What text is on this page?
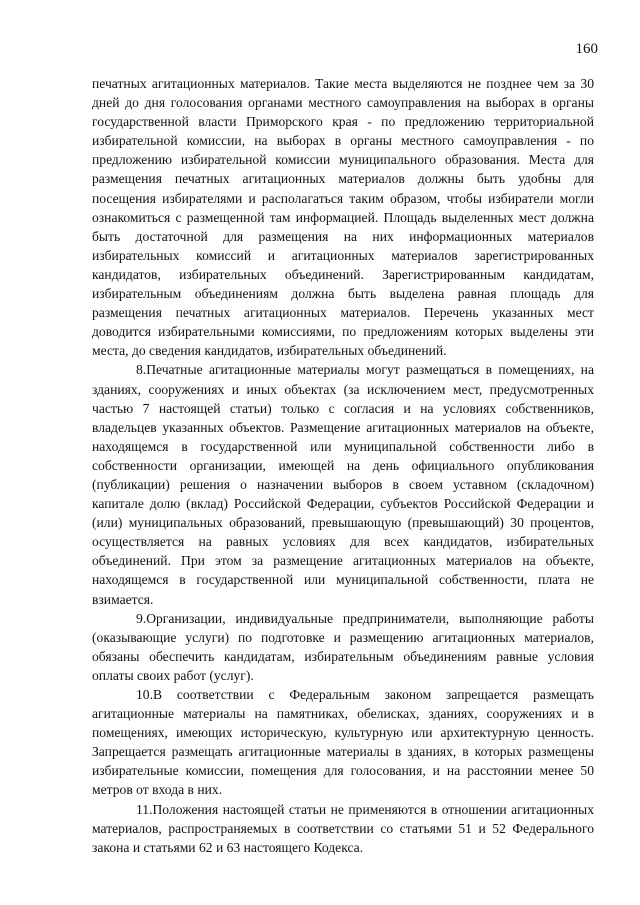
160

печатных агитационных материалов. Такие места выделяются не позднее чем за 30 дней до дня голосования органами местного самоуправления на выборах в органы государственной власти Приморского края - по предложению территориальной избирательной комиссии, на выборах в органы местного самоуправления - по предложению избирательной комиссии муниципального образования. Места для размещения печатных агитационных материалов должны быть удобны для посещения избирателями и располагаться таким образом, чтобы избиратели могли ознакомиться с размещенной там информацией. Площадь выделенных мест должна быть достаточной для размещения на них информационных материалов избирательных комиссий и агитационных материалов зарегистрированных кандидатов, избирательных объединений. Зарегистрированным кандидатам, избирательным объединениям должна быть выделена равная площадь для размещения печатных агитационных материалов. Перечень указанных мест доводится избирательными комиссиями, по предложениям которых выделены эти места, до сведения кандидатов, избирательных объединений.

8.Печатные агитационные материалы могут размещаться в помещениях, на зданиях, сооружениях и иных объектах (за исключением мест, предусмотренных частью 7 настоящей статьи) только с согласия и на условиях собственников, владельцев указанных объектов. Размещение агитационных материалов на объекте, находящемся в государственной или муниципальной собственности либо в собственности организации, имеющей на день официального опубликования (публикации) решения о назначении выборов в своем уставном (складочном) капитале долю (вклад) Российской Федерации, субъектов Российской Федерации и (или) муниципальных образований, превышающую (превышающий) 30 процентов, осуществляется на равных условиях для всех кандидатов, избирательных объединений. При этом за размещение агитационных материалов на объекте, находящемся в государственной или муниципальной собственности, плата не взимается.

9.Организации, индивидуальные предприниматели, выполняющие работы (оказывающие услуги) по подготовке и размещению агитационных материалов, обязаны обеспечить кандидатам, избирательным объединениям равные условия оплаты своих работ (услуг).

10.В соответствии с Федеральным законом запрещается размещать агитационные материалы на памятниках, обелисках, зданиях, сооружениях и в помещениях, имеющих историческую, культурную или архитектурную ценность. Запрещается размещать агитационные материалы в зданиях, в которых размещены избирательные комиссии, помещения для голосования, и на расстоянии менее 50 метров от входа в них.

11.Положения настоящей статьи не применяются в отношении агитационных материалов, распространяемых в соответствии со статьями 51 и 52 Федерального закона и статьями 62 и 63 настоящего Кодекса.
